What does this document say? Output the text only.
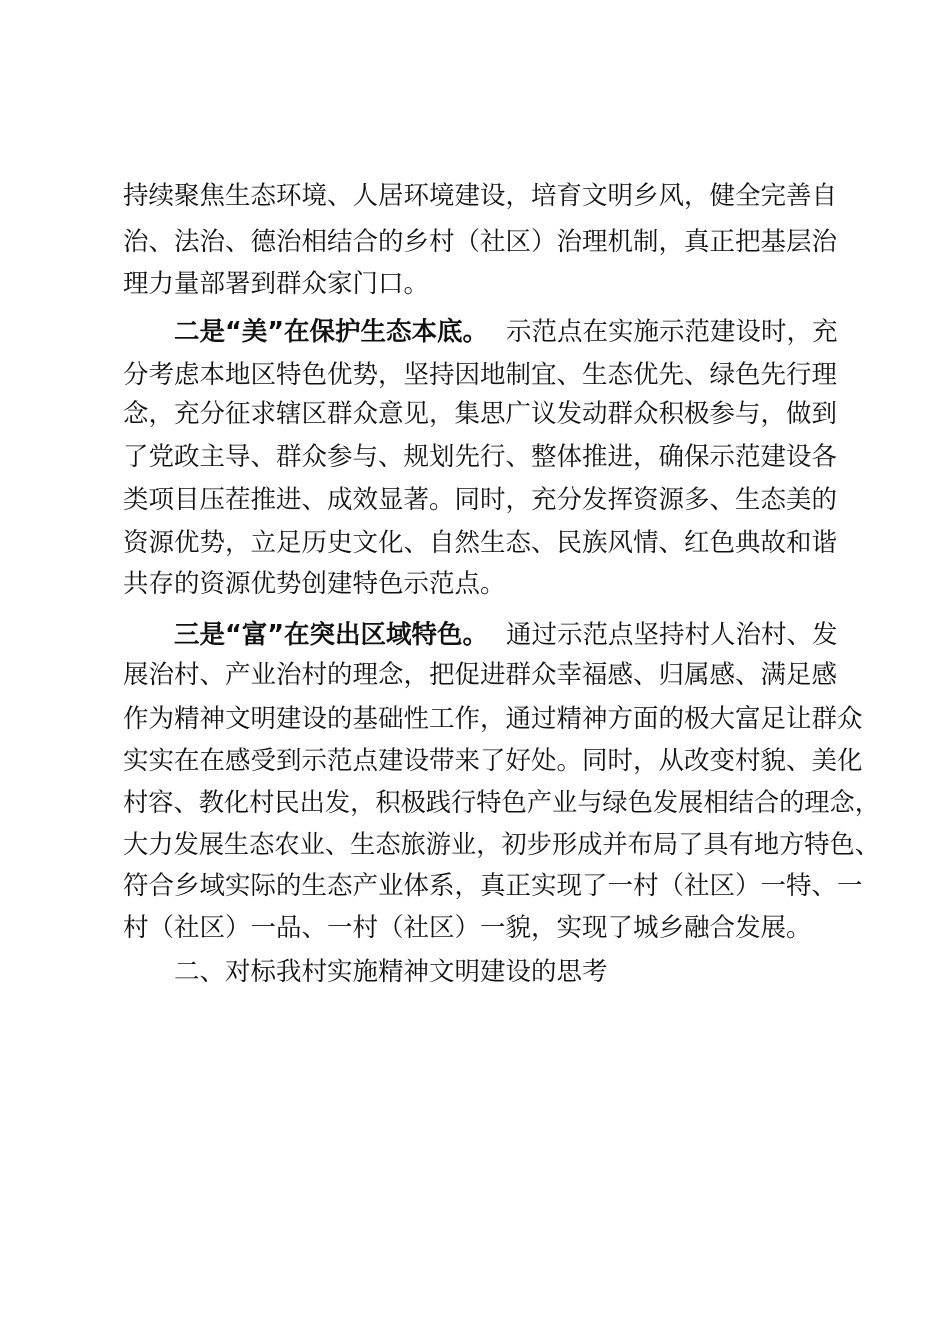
持续聚焦生态环境、人居环境建设，培育文明乡风，健全完善自
治、法治、德治相结合的乡村（社区）治理机制，真正把基层治
理力量部署到群众家门口。
二是“美”在保护生态本底。 示范点在实施示范建设时，充
分考虑本地区特色优势，坚持因地制宜、生态优先、绿色先行理
念，充分征求辖区群众意见，集思广议发动群众积极参与，做到
了党政主导、群众参与、规划先行、整体推进，确保示范建设各
类项目压茬推进、成效显著。同时，充分发挥资源多、生态美的
资源优势，立足历史文化、自然生态、民族风情、红色典故和谐
共存的资源优势创建特色示范点。
三是“富”在突出区域特色。 通过示范点坚持村人治村、发
展治村、产业治村的理念，把促进群众幸福感、归属感、满足感
作为精神文明建设的基础性工作，通过精神方面的极大富足让群众
实实在在感受到示范点建设带来了好处。同时，从改变村貌、美化
村容、教化村民出发，积极践行特色产业与绿色发展相结合的理念，
大力发展生态农业、生态旅游业，初步形成并布局了具有地方特色、
符合乡域实际的生态产业体系，真正实现了一村（社区）一特、一
村（社区）一品、一村（社区）一貌，实现了城乡融合发展。
二、对标我村实施精神文明建设的思考
